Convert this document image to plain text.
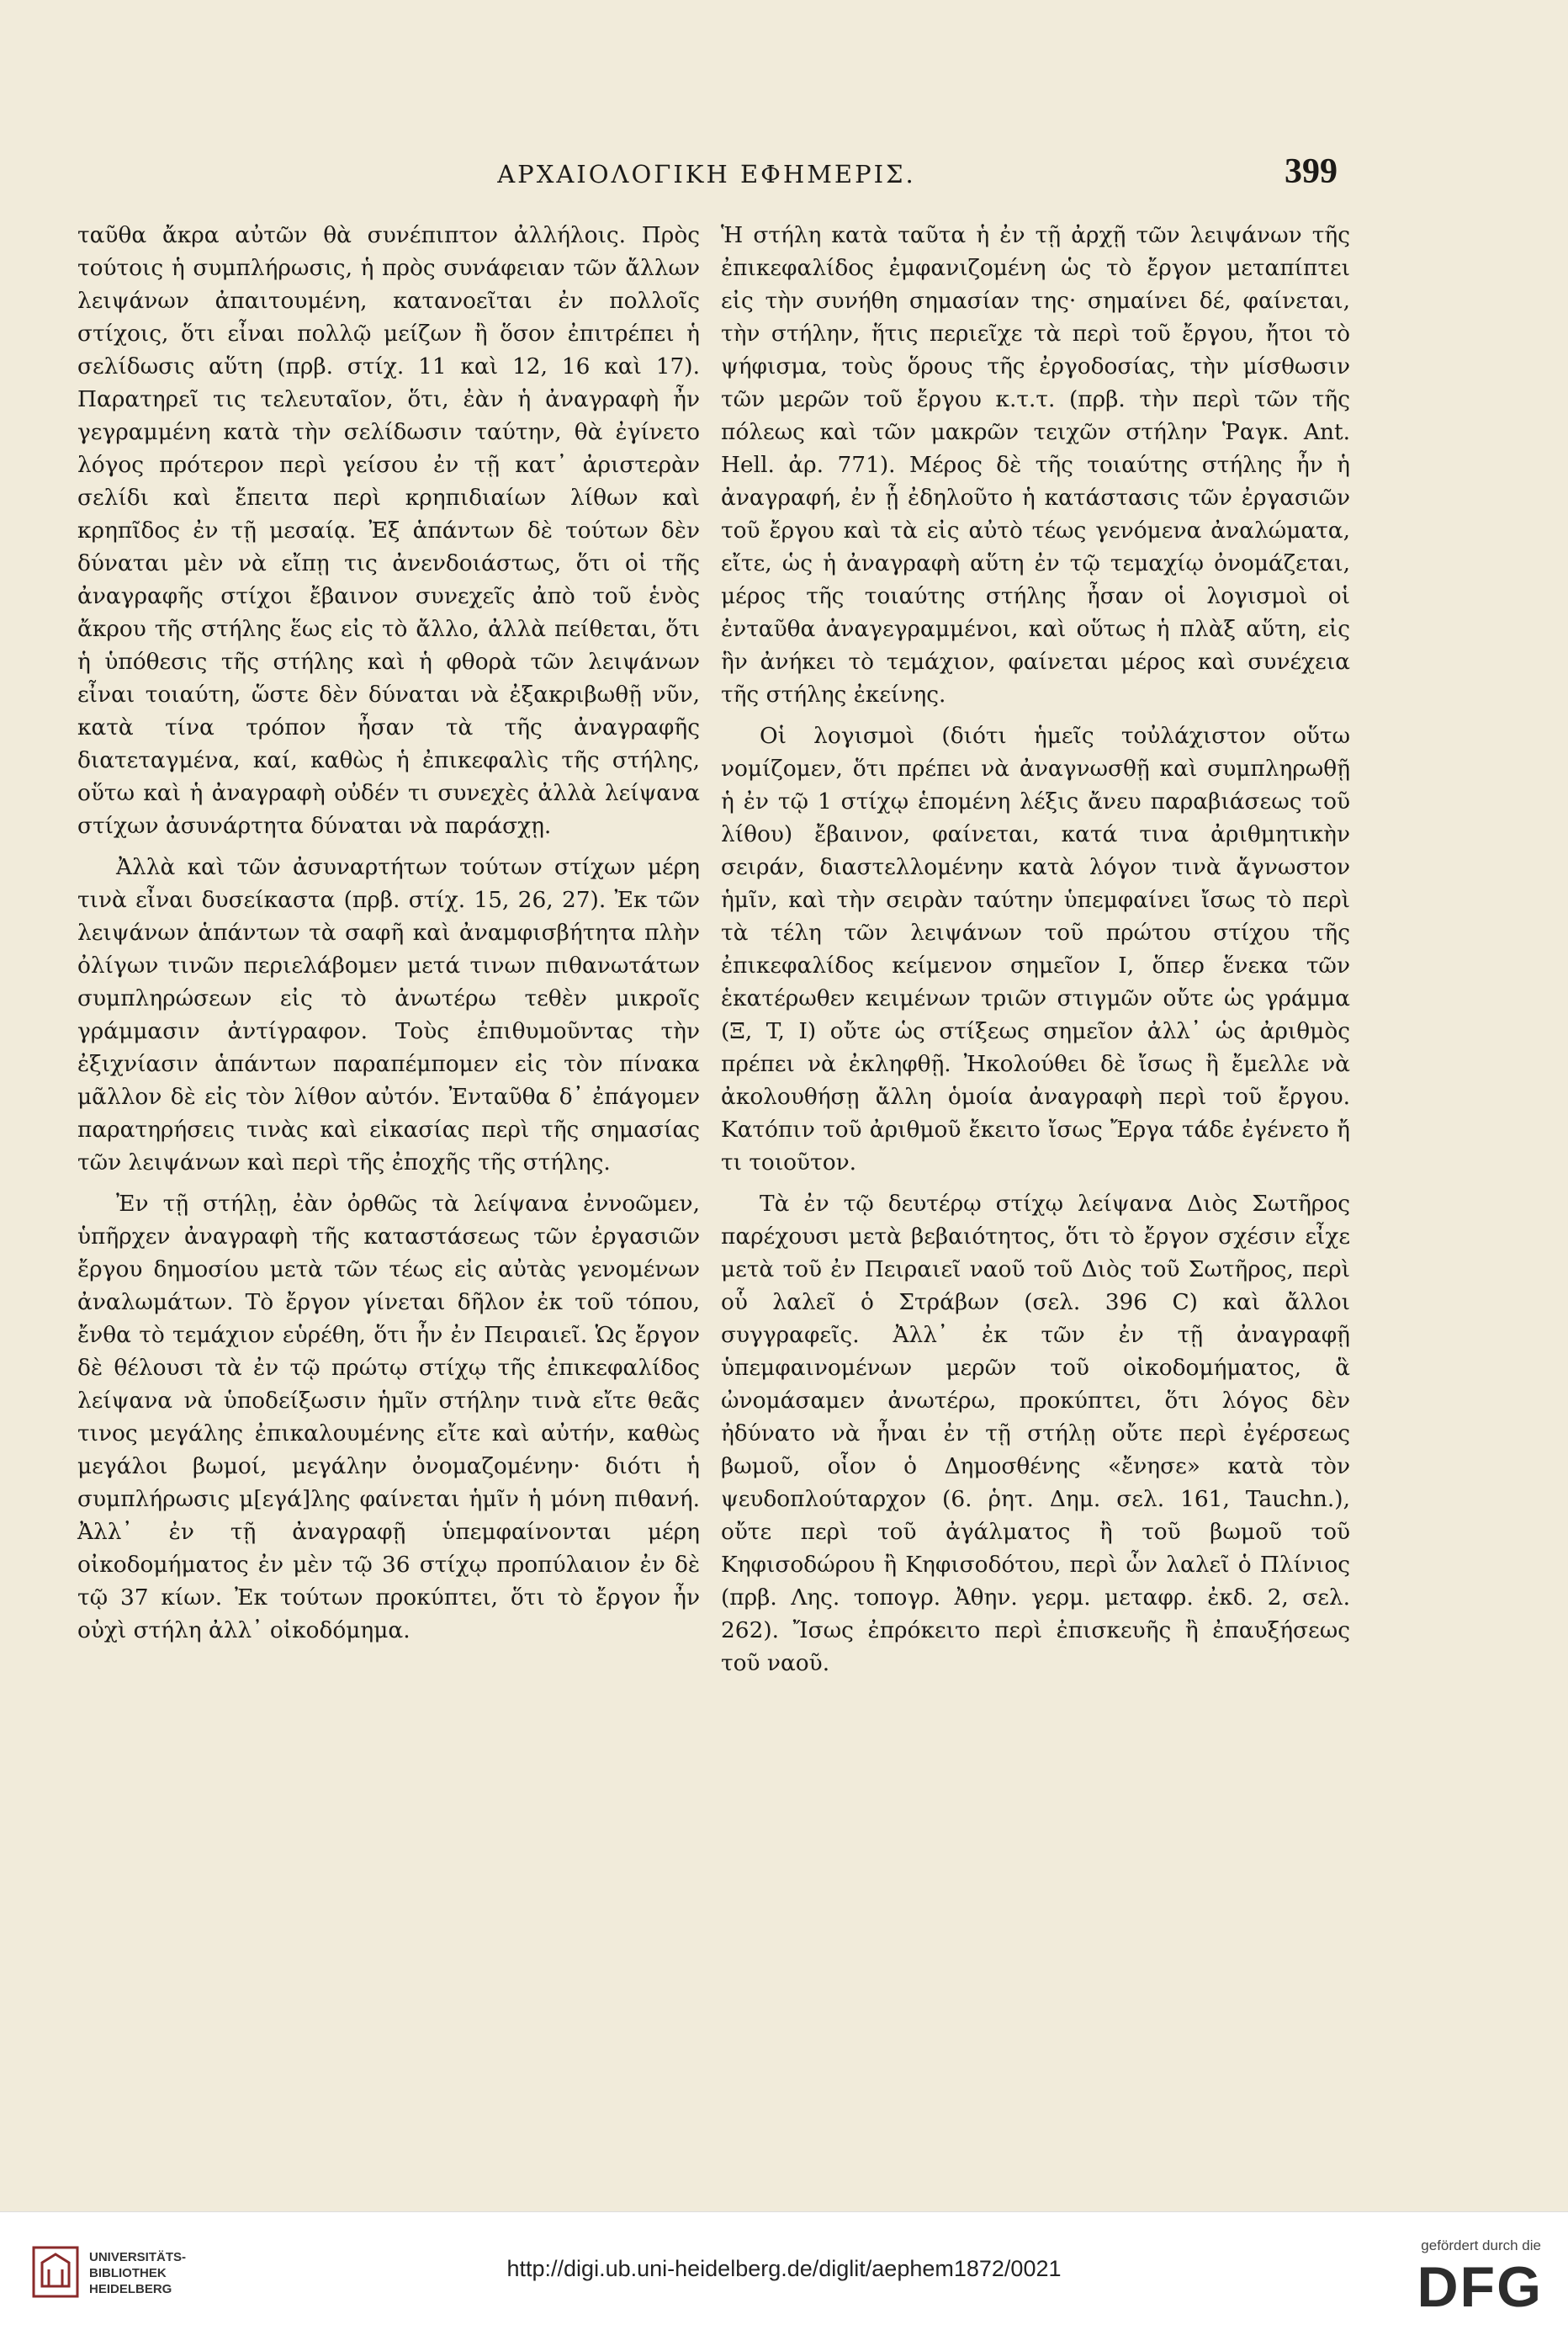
ΑΡΧΑΙΟΛΟΓΙΚΗ ΕΦΗΜΕΡΙΣ.	399

ταῦθα ἄκρα αὐτῶν θὰ συνέπιπτον ἀλλήλοις. Πρὸς τούτοις ἡ συμπλήρωσις, ἡ πρὸς συνάφειαν τῶν ἄλλων λειψάνων ἀπαιτουμένη, κατανοεῖται ἐν πολλοῖς στίχοις, ὅτι εἶναι πολλῷ μείζων ἢ ὅσον ἐπιτρέπει ἡ σελίδωσις αὕτη (πρβ. στίχ. 11 καὶ 12, 16 καὶ 17). Παρατηρεῖ τις τελευταῖον, ὅτι, ἐὰν ἡ ἀναγραφὴ ἦν γεγραμμένη κατὰ τὴν σελίδωσιν ταύτην, θὰ ἐγίνετο λόγος πρότερον περὶ γείσου ἐν τῇ κατ᾽ ἀριστερὰν σελίδι καὶ ἔπειτα περὶ κρηπιδιαίων λίθων καὶ κρηπῖδος ἐν τῇ μεσαίᾳ. Ἐξ ἁπάντων δὲ τούτων δὲν δύναται μὲν νὰ εἴπῃ τις ἀνενδοιάστως, ὅτι οἱ τῆς ἀναγραφῆς στίχοι ἔβαινον συνεχεῖς ἀπὸ τοῦ ἑνὸς ἄκρου τῆς στήλης ἕως εἰς τὸ ἄλλο, ἀλλὰ πείθεται, ὅτι ἡ ὑπόθεσις τῆς στήλης καὶ ἡ φθορὰ τῶν λειψάνων εἶναι τοιαύτη, ὥστε δὲν δύναται νὰ ἐξακριβωθῇ νῦν, κατὰ τίνα τρόπον ἦσαν τὰ τῆς ἀναγραφῆς διατεταγμένα, καί, καθὼς ἡ ἐπικεφαλὶς τῆς στήλης, οὕτω καὶ ἡ ἀναγραφὴ οὐδέν τι συνεχὲς ἀλλὰ λείψανα στίχων ἀσυνάρτητα δύναται νὰ παράσχῃ.

Ἀλλὰ καὶ τῶν ἀσυναρτήτων τούτων στίχων μέρη τινὰ εἶναι δυσείκαστα (πρβ. στίχ. 15, 26, 27). Ἐκ τῶν λειψάνων ἁπάντων τὰ σαφῆ καὶ ἀναμφισβήτητα πλὴν ὀλίγων τινῶν περιελάβομεν μετά τινων πιθανωτάτων συμπληρώσεων εἰς τὸ ἀνωτέρω τεθὲν μικροῖς γράμμασιν ἀντίγραφον. Τοὺς ἐπιθυμοῦντας τὴν ἐξιχνίασιν ἁπάντων παραπέμπομεν εἰς τὸν πίνακα μᾶλλον δὲ εἰς τὸν λίθον αὐτόν. Ἐνταῦθα δ᾽ ἐπάγομεν παρατηρήσεις τινὰς καὶ εἰκασίας περὶ τῆς σημασίας τῶν λειψάνων καὶ περὶ τῆς ἐποχῆς τῆς στήλης.

Ἐν τῇ στήλῃ, ἐὰν ὀρθῶς τὰ λείψανα ἐννοῶμεν, ὑπῆρχεν ἀναγραφὴ τῆς καταστάσεως τῶν ἐργασιῶν ἔργου δημοσίου μετὰ τῶν τέως εἰς αὐτὰς γενομένων ἀναλωμάτων. Τὸ ἔργον γίνεται δῆλον ἐκ τοῦ τόπου, ἔνθα τὸ τεμάχιον εὑρέθη, ὅτι ἦν ἐν Πειραιεῖ. Ὡς ἔργον δὲ θέλουσι τὰ ἐν τῷ πρώτῳ στίχῳ τῆς ἐπικεφαλίδος λείψανα νὰ ὑποδείξωσιν ἡμῖν στήλην τινὰ εἴτε θεᾶς τινος μεγάλης ἐπικαλουμένης εἴτε καὶ αὐτήν, καθὼς μεγάλοι βωμοί, μεγάλην ὀνομαζομένην· διότι ἡ συμπλήρωσις μ[εγά]λης φαίνεται ἡμῖν ἡ μόνη πιθανή. Ἀλλ᾽ ἐν τῇ ἀναγραφῇ ὑπεμφαίνονται μέρη οἰκοδομήματος ἐν μὲν τῷ 36 στίχῳ προπύλαιον ἐν δὲ τῷ 37 κίων. Ἐκ τούτων προκύπτει, ὅτι τὸ ἔργον ἦν οὐχὶ στήλη ἀλλ᾽ οἰκοδόμημα.

Ἡ στήλη κατὰ ταῦτα ἡ ἐν τῇ ἀρχῇ τῶν λειψάνων τῆς ἐπικεφαλίδος ἐμφανιζομένη ὡς τὸ ἔργον μεταπίπτει εἰς τὴν συνήθη σημασίαν της· σημαίνει δέ, φαίνεται, τὴν στήλην, ἥτις περιεῖχε τὰ περὶ τοῦ ἔργου, ἤτοι τὸ ψήφισμα, τοὺς ὅρους τῆς ἐργοδοσίας, τὴν μίσθωσιν τῶν μερῶν τοῦ ἔργου κ.τ.τ. (πρβ. τὴν περὶ τῶν τῆς πόλεως καὶ τῶν μακρῶν τειχῶν στήλην Ῥαγκ. Ant. Hell. ἀρ. 771). Μέρος δὲ τῆς τοιαύτης στήλης ἦν ἡ ἀναγραφή, ἐν ᾗ ἐδηλοῦτο ἡ κατάστασις τῶν ἐργασιῶν τοῦ ἔργου καὶ τὰ εἰς αὐτὸ τέως γενόμενα ἀναλώματα, εἴτε, ὡς ἡ ἀναγραφὴ αὕτη ἐν τῷ τεμαχίῳ ὀνομάζεται, μέρος τῆς τοιαύτης στήλης ἦσαν οἱ λογισμοὶ οἱ ἐνταῦθα ἀναγεγραμμένοι, καὶ οὕτως ἡ πλὰξ αὕτη, εἰς ἣν ἀνήκει τὸ τεμάχιον, φαίνεται μέρος καὶ συνέχεια τῆς στήλης ἐκείνης.

Οἱ λογισμοὶ (διότι ἡμεῖς τοὐλάχιστον οὕτω νομίζομεν, ὅτι πρέπει νὰ ἀναγνωσθῇ καὶ συμπληρωθῇ ἡ ἐν τῷ 1 στίχῳ ἑπομένη λέξις ἄνευ παραβιάσεως τοῦ λίθου) ἔβαινον, φαίνεται, κατά τινα ἀριθμητικὴν σειράν, διαστελλομένην κατὰ λόγον τινὰ ἄγνωστον ἡμῖν, καὶ τὴν σειρὰν ταύτην ὑπεμφαίνει ἴσως τὸ περὶ τὰ τέλη τῶν λειψάνων τοῦ πρώτου στίχου τῆς ἐπικεφαλίδος κείμενον σημεῖον I, ὅπερ ἕνεκα τῶν ἑκατέρωθεν κειμένων τριῶν στιγμῶν οὔτε ὡς γράμμα (Ξ, T, I) οὔτε ὡς στίξεως σημεῖον ἀλλ᾽ ὡς ἀριθμὸς πρέπει νὰ ἐκληφθῇ. Ἠκολούθει δὲ ἴσως ἢ ἔμελλε νὰ ἀκολουθήσῃ ἄλλη ὁμοία ἀναγραφὴ περὶ τοῦ ἔργου. Κατόπιν τοῦ ἀριθμοῦ ἔκειτο ἴσως Ἔργα τάδε ἐγένετο ἤ τι τοιοῦτον.

Τὰ ἐν τῷ δευτέρῳ στίχῳ λείψανα Διὸς Σωτῆρος παρέχουσι μετὰ βεβαιότητος, ὅτι τὸ ἔργον σχέσιν εἶχε μετὰ τοῦ ἐν Πειραιεῖ ναοῦ τοῦ Διὸς τοῦ Σωτῆρος, περὶ οὗ λαλεῖ ὁ Στράβων (σελ. 396 C) καὶ ἄλλοι συγγραφεῖς. Ἀλλ᾽ ἐκ τῶν ἐν τῇ ἀναγραφῇ ὑπεμφαινομένων μερῶν τοῦ οἰκοδομήματος, ἃ ὠνομάσαμεν ἀνωτέρω, προκύπτει, ὅτι λόγος δὲν ἠδύνατο νὰ ἦναι ἐν τῇ στήλῃ οὔτε περὶ ἐγέρσεως βωμοῦ, οἷον ὁ Δημοσθένης «ἔνησε» κατὰ τὸν ψευδοπλούταρχον (6. ῥητ. Δημ. σελ. 161, Tauchn.), οὔτε περὶ τοῦ ἀγάλματος ἢ τοῦ βωμοῦ τοῦ Κηφισοδώρου ἢ Κηφισοδότου, περὶ ὧν λαλεῖ ὁ Πλίνιος (πρβ. Λης. τοπογρ. Ἀθην. γερμ. μεταφρ. ἐκδ. 2, σελ. 262). Ἴσως ἐπρόκειτο περὶ ἐπισκευῆς ἢ ἐπαυξήσεως τοῦ ναοῦ.

UNIVERSITÄTS-
BIBLIOTHEK
HEIDELBERG
http://digi.ub.uni-heidelberg.de/diglit/aephem1872/0021
gefördert durch die
DFG
